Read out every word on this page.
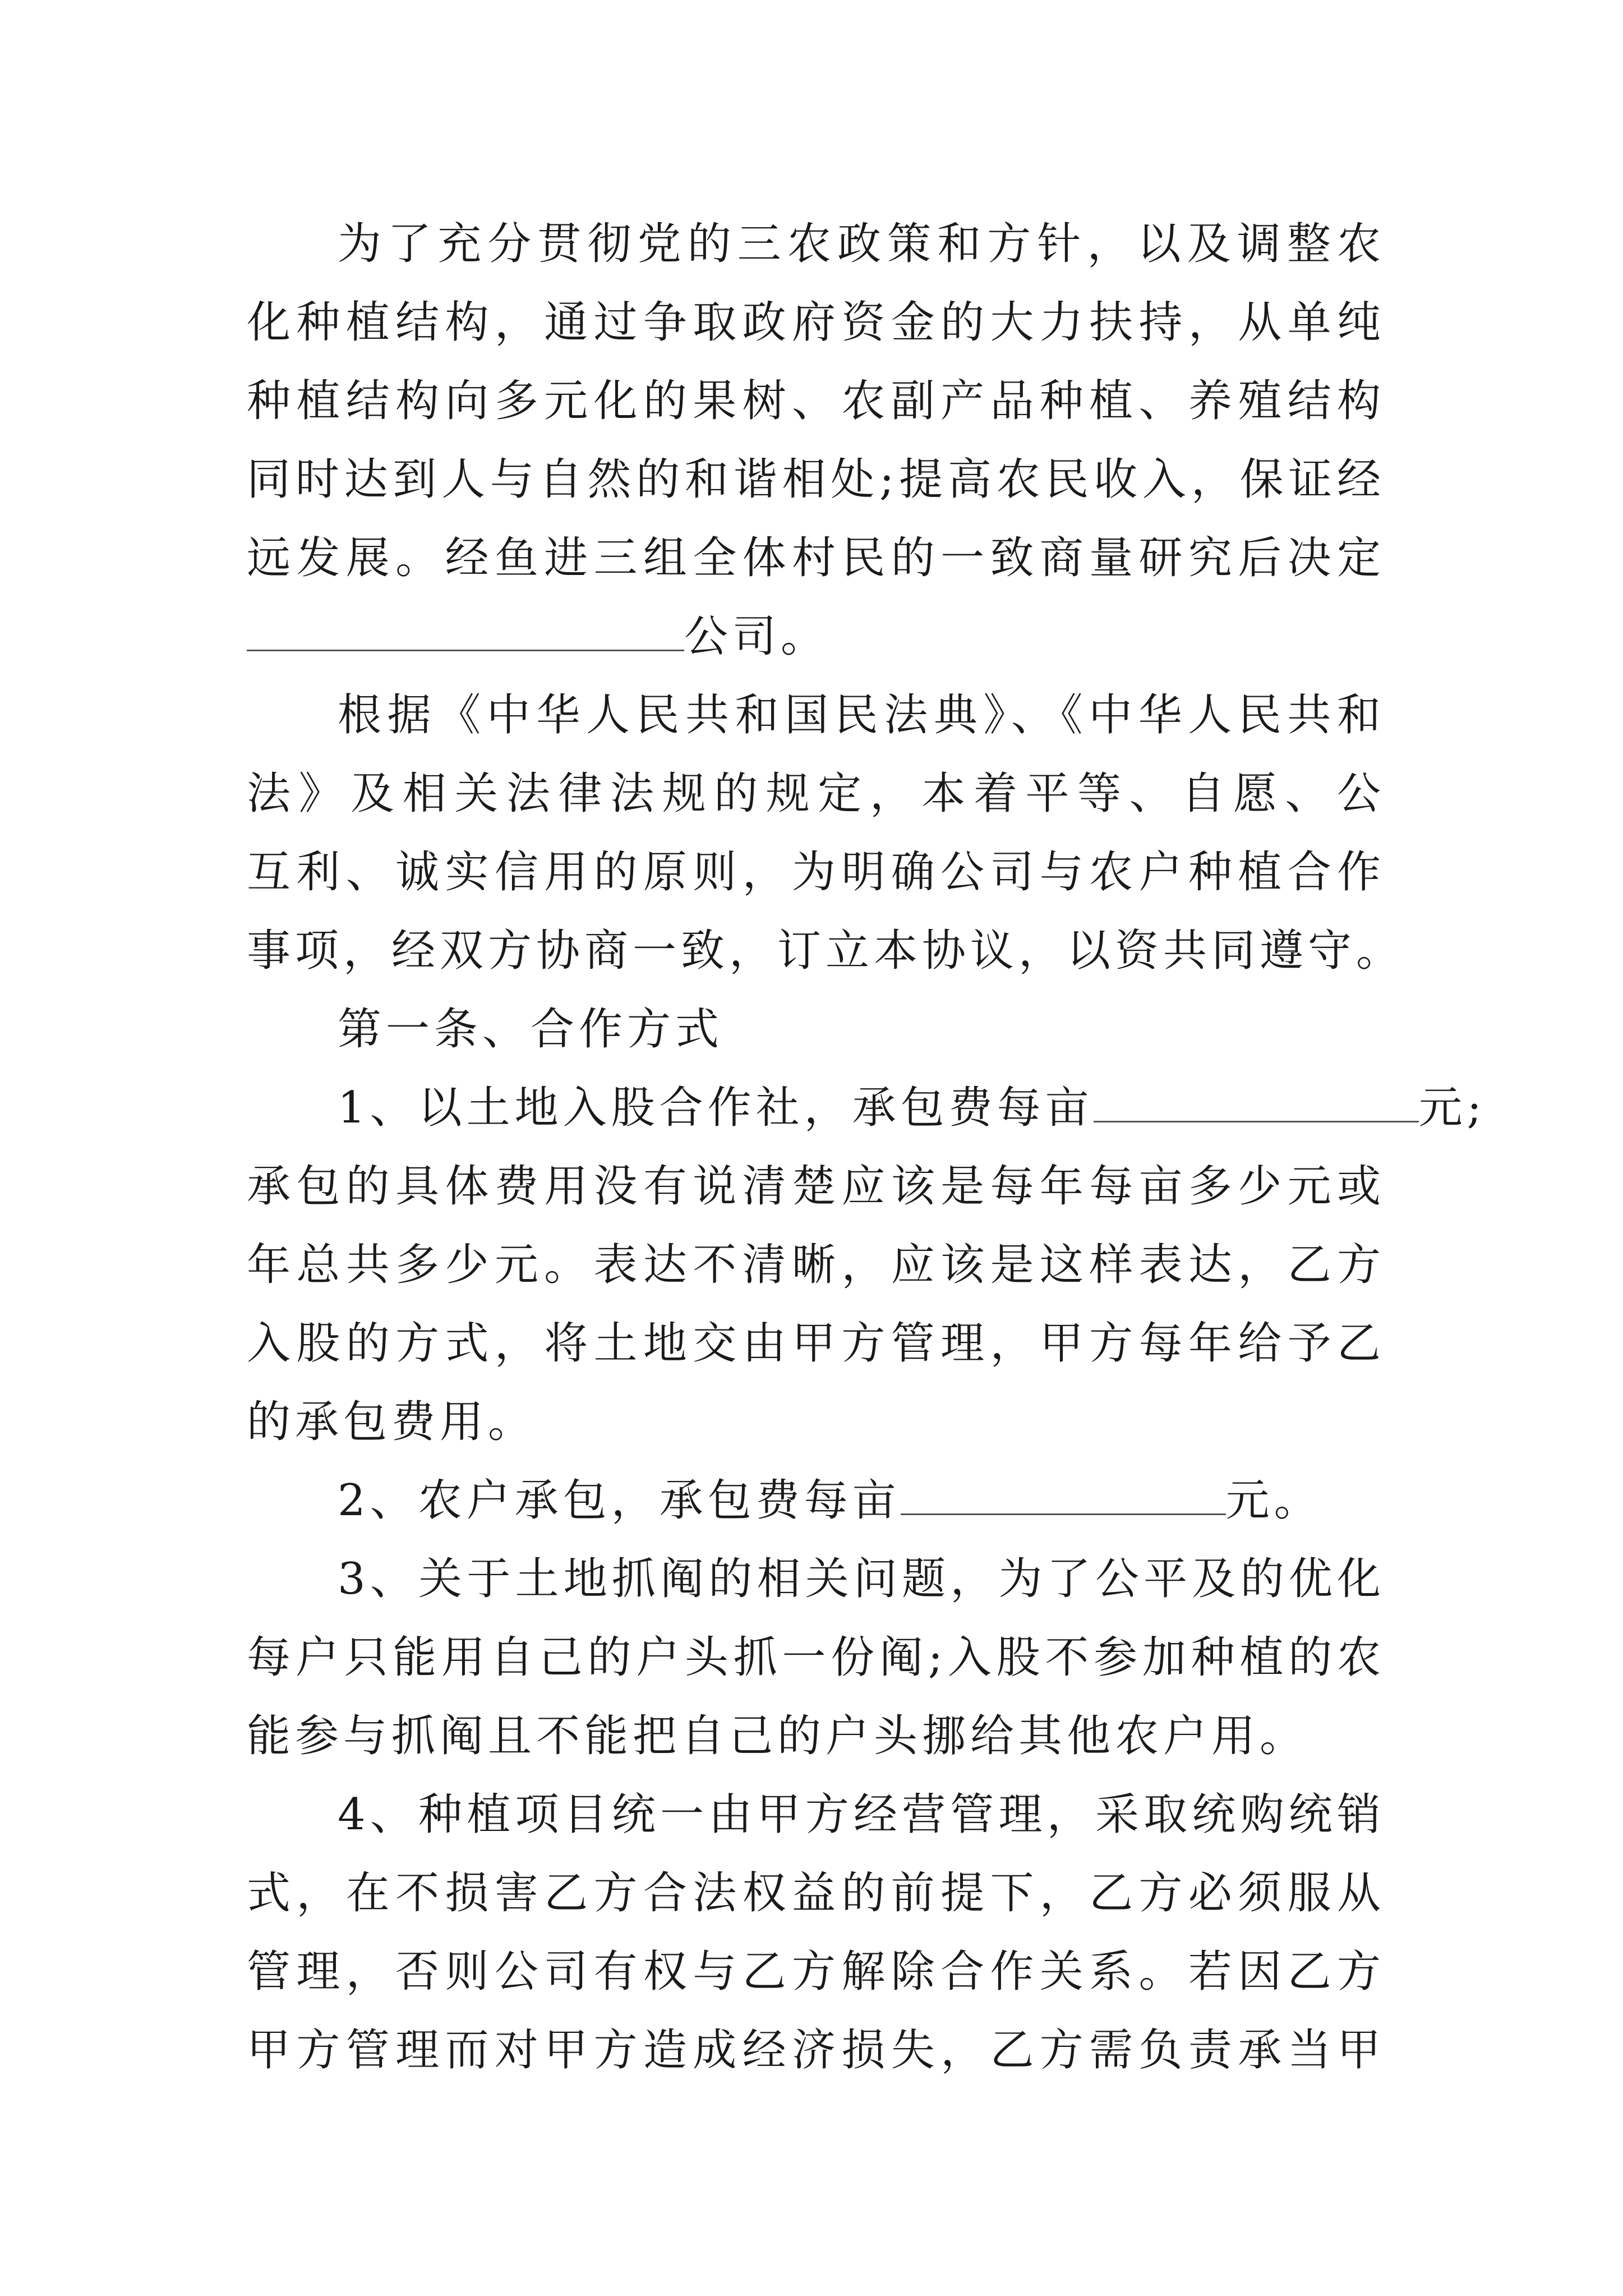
为了充分贯彻党的三农政策和方针，以及调整农
化种植结构，通过争取政府资金的大力扶持，从单纯
种植结构向多元化的果树、农副产品种植、养殖结构
同时达到人与自然的和谐相处;提高农民收入，保证经
远发展。经鱼进三组全体村民的一致商量研究后决定
公司。
根据《中华人民共和国民法典》、《中华人民共和
法》及相关法律法规的规定，本着平等、自愿、公
互利、诚实信用的原则，为明确公司与农户种植合作
事项，经双方协商一致，订立本协议，以资共同遵守。
第一条、合作方式
1、以土地入股合作社，承包费每亩	元;
承包的具体费用没有说清楚应该是每年每亩多少元或
年总共多少元。表达不清晰，应该是这样表达，乙方
入股的方式，将土地交由甲方管理，甲方每年给予乙
的承包费用。
2、农户承包，承包费每亩	元。
3、关于土地抓阄的相关问题，为了公平及的优化
每户只能用自己的户头抓一份阄;入股不参加种植的农
能参与抓阄且不能把自己的户头挪给其他农户用。
4、种植项目统一由甲方经营管理，采取统购统销
式，在不损害乙方合法权益的前提下，乙方必须服从
管理，否则公司有权与乙方解除合作关系。若因乙方
甲方管理而对甲方造成经济损失，乙方需负责承当甲
